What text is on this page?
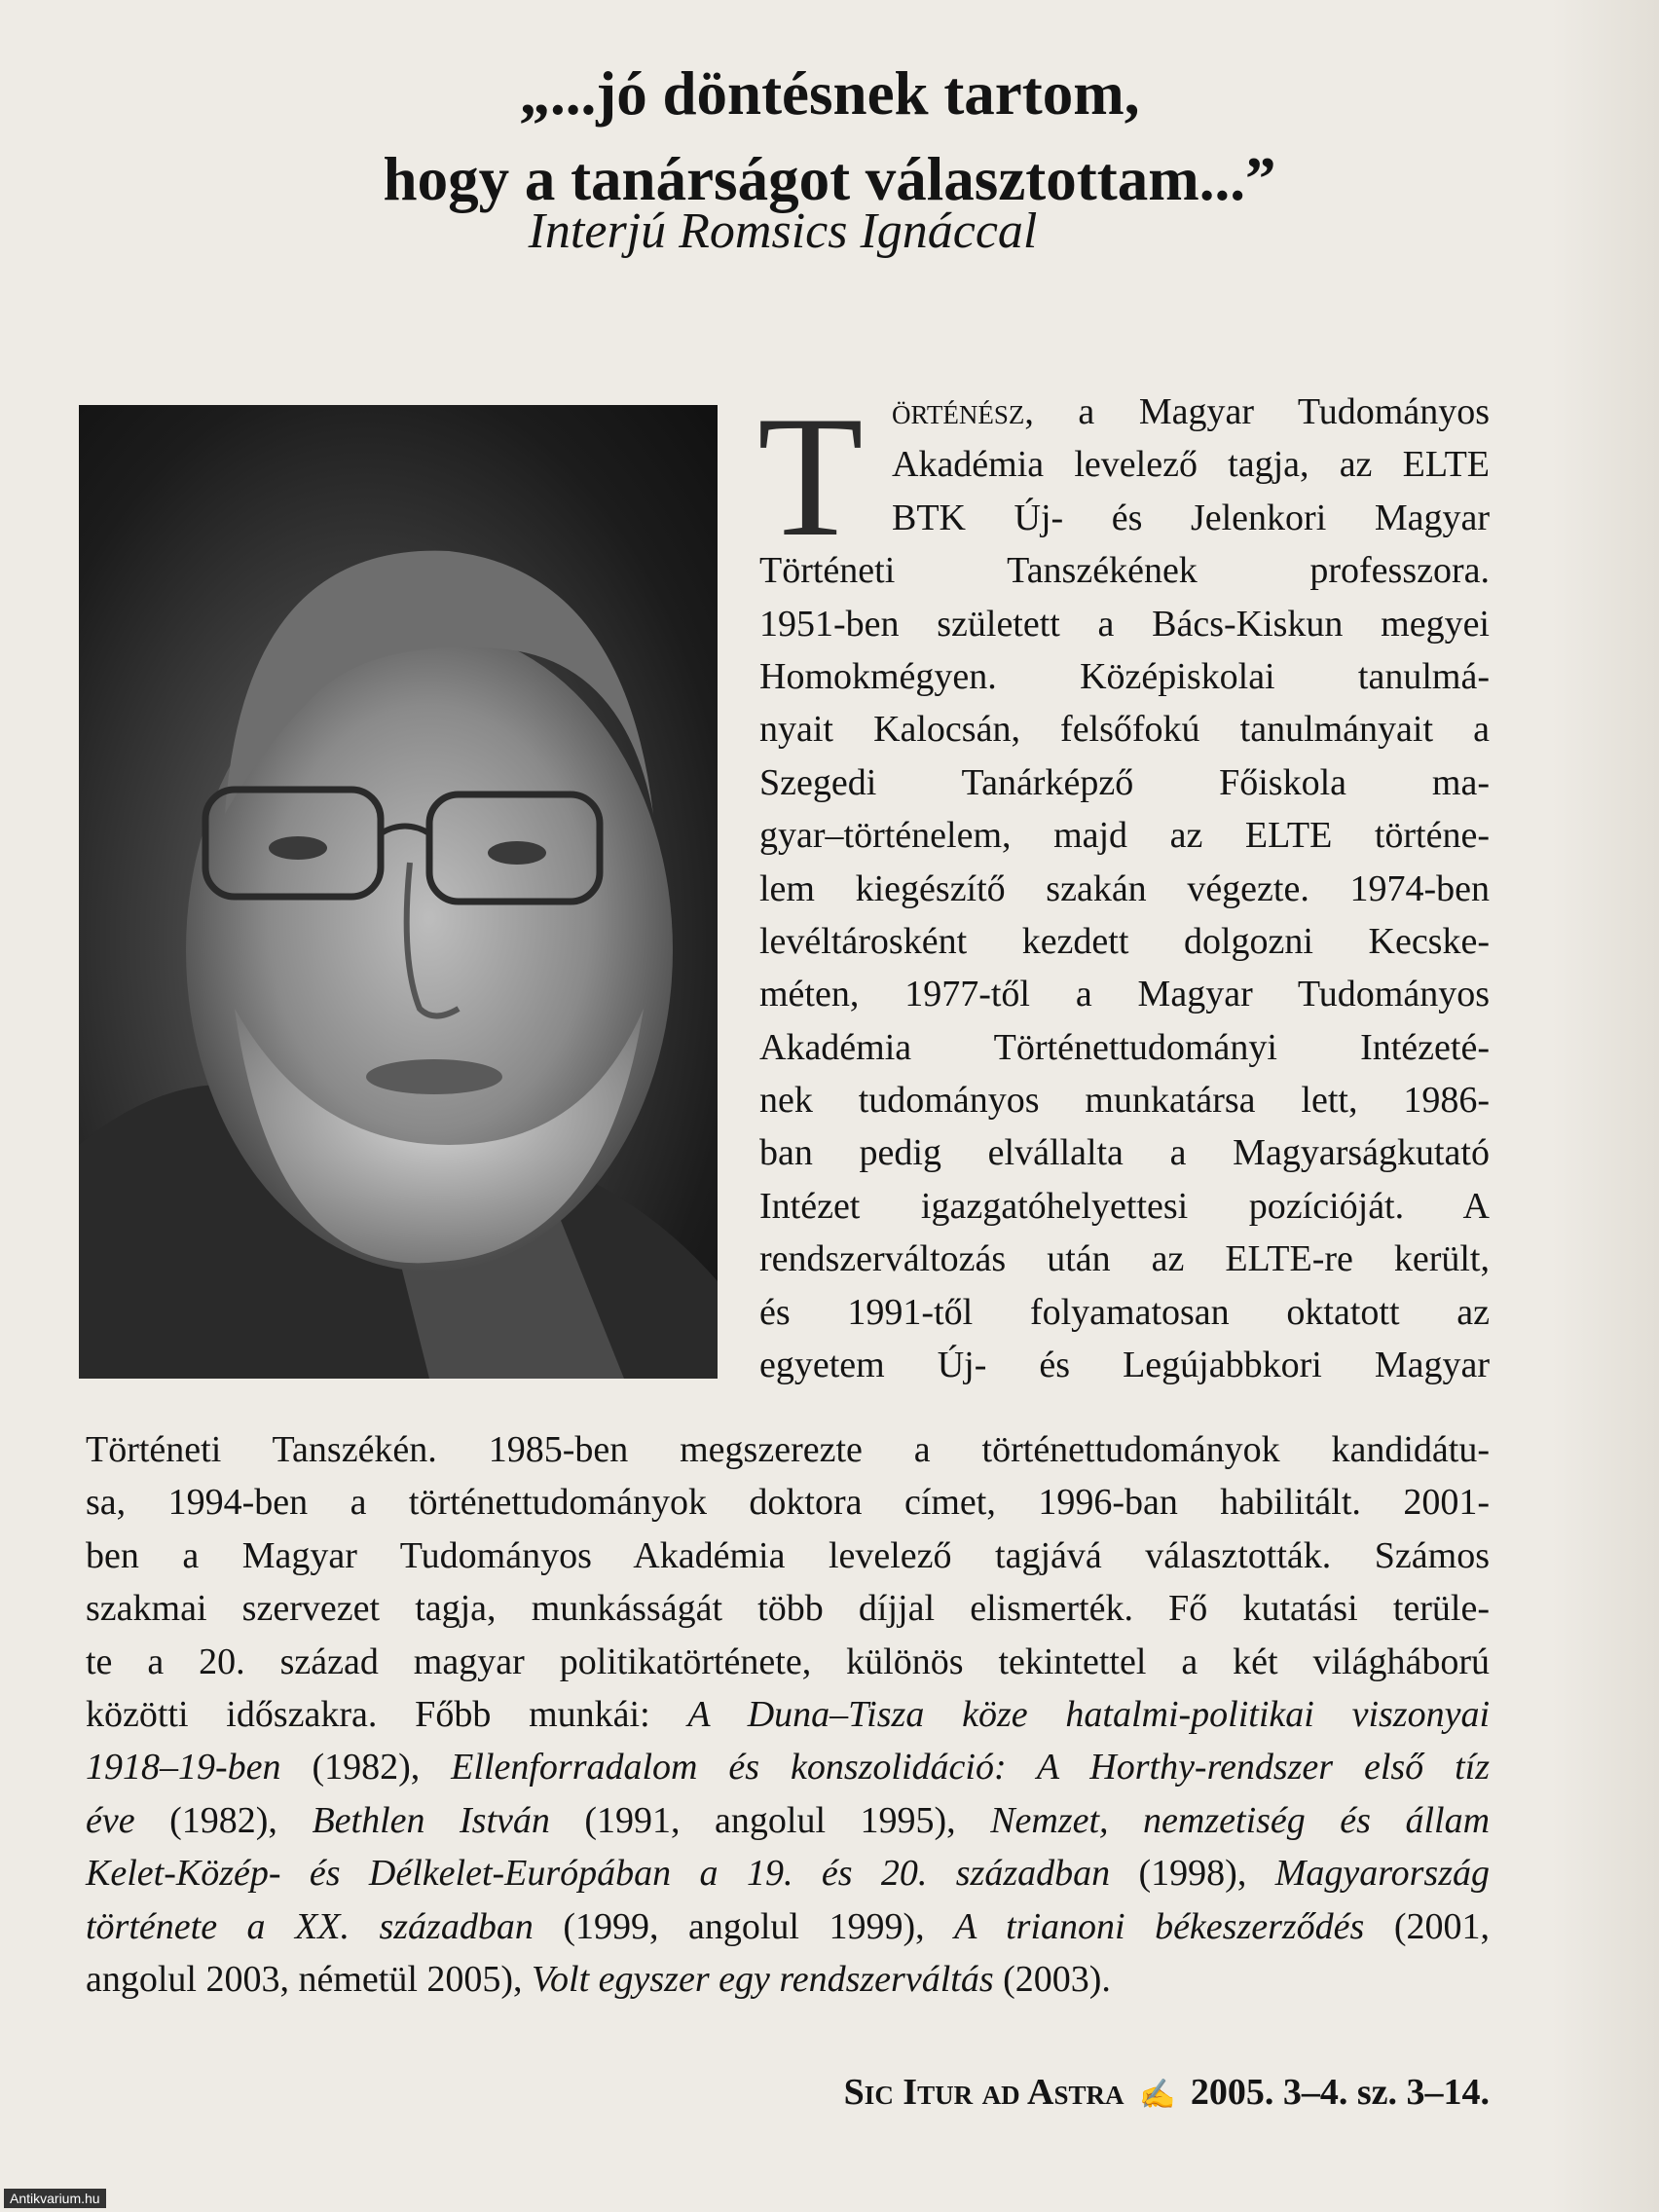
„...jó döntésnek tartom,
hogy a tanárságot választottam...”
Interjú Romsics Ignáccal
T örténész, a Magyar Tudományos
Akadémia levelező tagja, az ELTE
BTK Új- és Jelenkori Magyar
Történeti Tanszékének professzora.
1951-ben született a Bács-Kiskun megyei
Homokmégyen. Középiskolai tanulmá-
nyait Kalocsán, felsőfokú tanulmányait a
Szegedi Tanárképző Főiskola ma-
gyar–történelem, majd az ELTE történe-
lem kiegészítő szakán végezte. 1974-ben
levéltárosként kezdett dolgozni Kecske-
méten, 1977-től a Magyar Tudományos
Akadémia Történettudományi Intézeté-
nek tudományos munkatársa lett, 1986-
ban pedig elvállalta a Magyarságkutató
Intézet igazgatóhelyettesi pozícióját. A
rendszerváltozás után az ELTE-re került,
és 1991-től folyamatosan oktatott az
egyetem Új- és Legújabbkori Magyar
Történeti Tanszékén. 1985-ben megszerezte a történettudományok kandidátu-
sa, 1994-ben a történettudományok doktora címet, 1996-ban habilitált. 2001-
ben a Magyar Tudományos Akadémia levelező tagjává választották. Számos
szakmai szervezet tagja, munkásságát több díjjal elismerték. Fő kutatási terüle-
te a 20. század magyar politikatörténete, különös tekintettel a két világháború
közötti időszakra. Főbb munkái: A Duna–Tisza köze hatalmi-politikai viszonyai
1918–19-ben (1982), Ellenforradalom és konszolidáció: A Horthy-rendszer első tíz
éve (1982), Bethlen István (1991, angolul 1995), Nemzet, nemzetiség és állam
Kelet-Közép- és Délkelet-Európában a 19. és 20. században (1998), Magyarország
története a XX. században (1999, angolul 1999), A trianoni békeszerződés (2001,
angolul 2003, németül 2005), Volt egyszer egy rendszerváltás (2003).
Sic Itur ad Astra ✍ 2005. 3–4. sz. 3–14.
Antikvarium.hu
